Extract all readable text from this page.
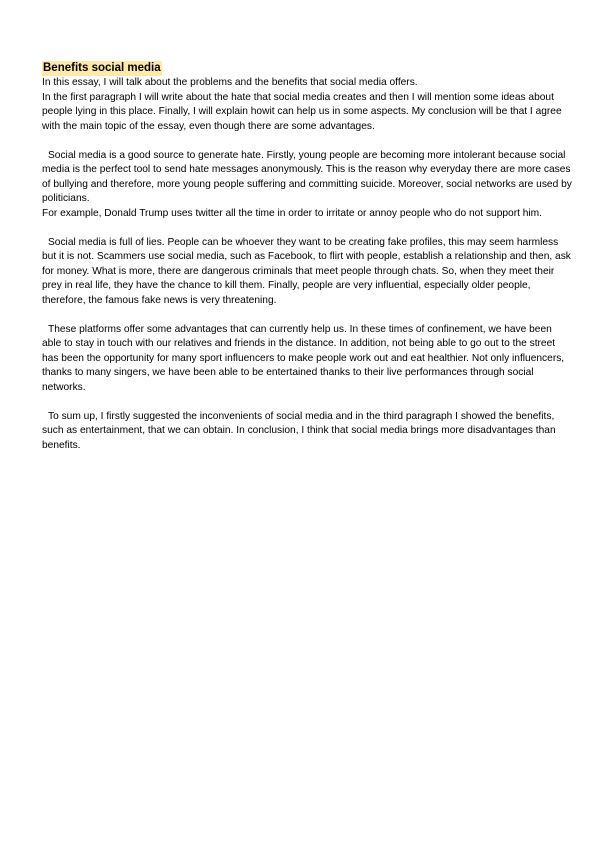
Benefits social media

In this essay, I will talk about the problems and the benefits that social media offers.

In the first paragraph I will write about the hate that social media creates and then I will mention some ideas about people lying in this place. Finally, I will explain howit can help us in some aspects. My conclusion will be that I agree with the main topic of the essay, even though there are some advantages.

Social media is a good source to generate hate. Firstly, young people are becoming more intolerant because social media is the perfect tool to send hate messages anonymously. This is the reason why everyday there are more cases of bullying and therefore, more young people suffering and committing suicide. Moreover, social networks are used by politicians.

For example, Donald Trump uses twitter all the time in order to irritate or annoy people who do not support him.

Social media is full of lies. People can be whoever they want to be creating fake profiles, this may seem harmless but it is not. Scammers use social media, such as Facebook, to flirt with people, establish a relationship and then, ask for money. What is more, there are dangerous criminals that meet people through chats. So, when they meet their prey in real life, they have the chance to kill them. Finally, people are very influential, especially older people, therefore, the famous fake news is very threatening.

These platforms offer some advantages that can currently help us. In these times of confinement, we have been able to stay in touch with our relatives and friends in the distance. In addition, not being able to go out to the street has been the opportunity for many sport influencers to make people work out and eat healthier. Not only influencers, thanks to many singers, we have been able to be entertained thanks to their live performances through social networks.

To sum up, I firstly suggested the inconvenients of social media and in the third paragraph I showed the benefits, such as entertainment, that we can obtain. In conclusion, I think that social media brings more disadvantages than benefits.
